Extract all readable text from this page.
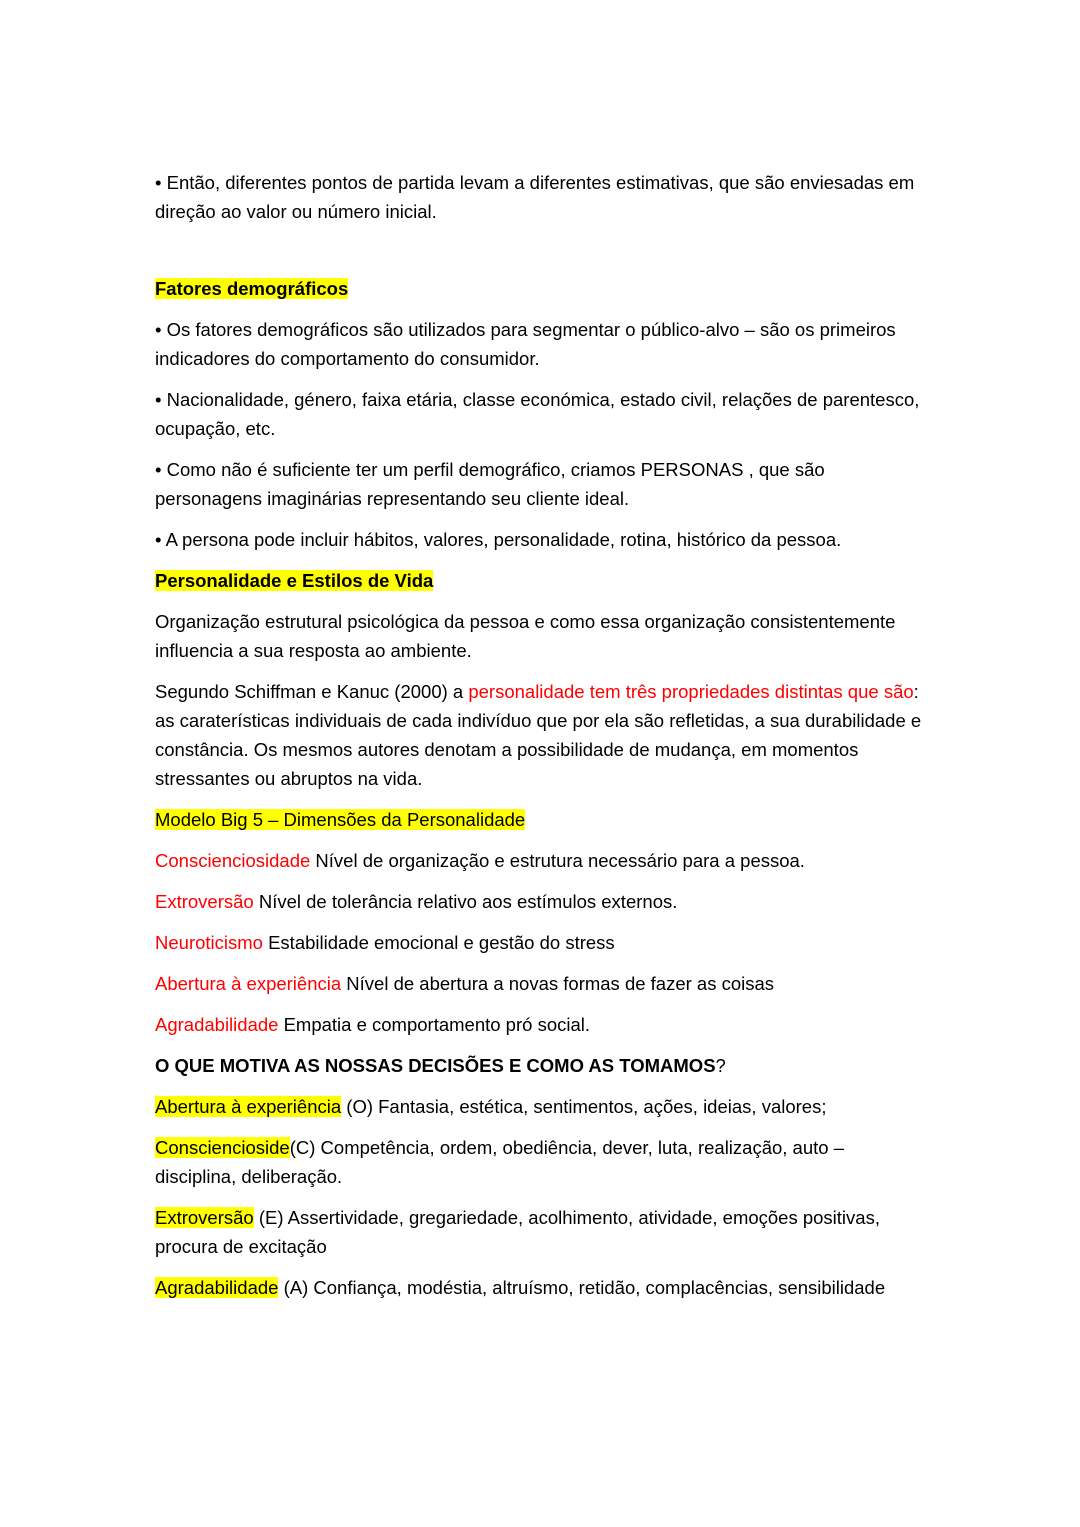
• Então, diferentes pontos de partida levam a diferentes estimativas, que são enviesadas em direção ao valor ou número inicial.

Fatores demográficos

• Os fatores demográficos são utilizados para segmentar o público-alvo – são os primeiros indicadores do comportamento do consumidor.

• Nacionalidade, género, faixa etária, classe económica, estado civil, relações de parentesco, ocupação, etc.

• Como não é suficiente ter um perfil demográfico, criamos PERSONAS , que são personagens imaginárias representando seu cliente ideal.

• A persona pode incluir hábitos, valores, personalidade, rotina, histórico da pessoa.

Personalidade e Estilos de Vida

Organização estrutural psicológica da pessoa e como essa organização consistentemente influencia a sua resposta ao ambiente.

Segundo Schiffman e Kanuc (2000) a personalidade tem três propriedades distintas que são: as caraterísticas individuais de cada indivíduo que por ela são refletidas, a sua durabilidade e constância. Os mesmos autores denotam a possibilidade de mudança, em momentos stressantes ou abruptos na vida.

Modelo Big 5 – Dimensões da Personalidade

Conscienciosidade Nível de organização e estrutura necessário para a pessoa.

Extroversão Nível de tolerância relativo aos estímulos externos.

Neuroticismo Estabilidade emocional e gestão do stress

Abertura à experiência Nível de abertura a novas formas de fazer as coisas

Agradabilidade Empatia e comportamento pró social.

O QUE MOTIVA AS NOSSAS DECISÕES E COMO AS TOMAMOS?

Abertura à experiência (O) Fantasia, estética, sentimentos, ações, ideias, valores;

Consciencioside(C) Competência, ordem, obediência, dever, luta, realização, auto – disciplina, deliberação.

Extroversão (E) Assertividade, gregariedade, acolhimento, atividade, emoções positivas, procura de excitação

Agradabilidade (A) Confiança, modéstia, altruísmo, retidão, complacências, sensibilidade
